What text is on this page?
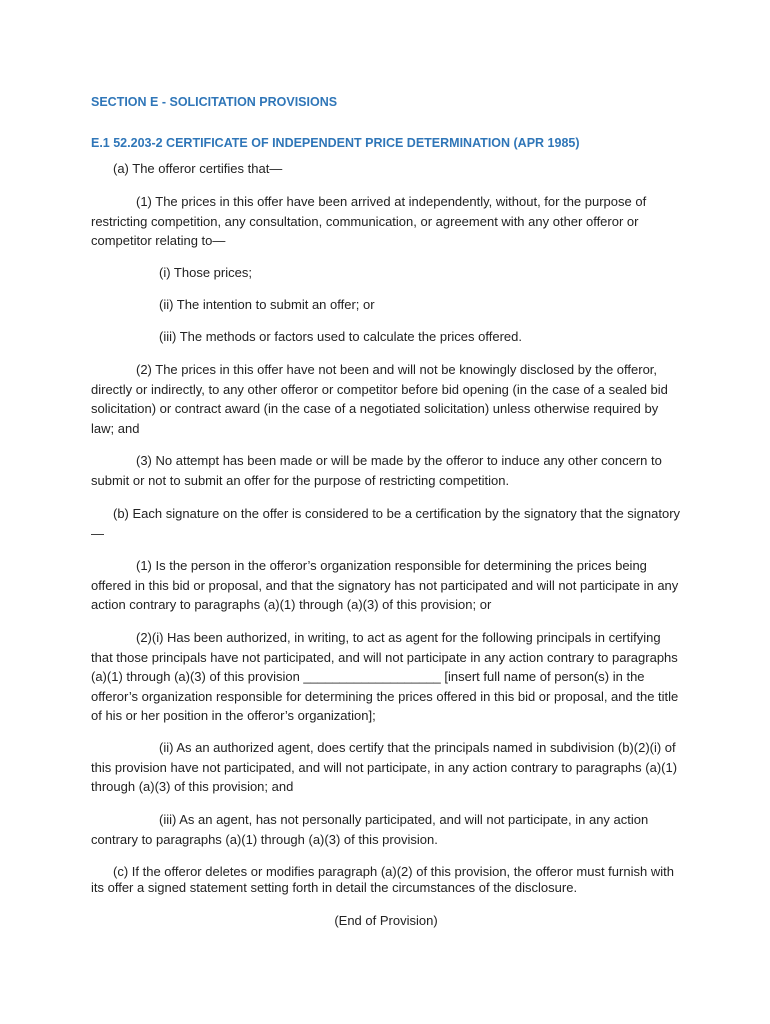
SECTION E - SOLICITATION PROVISIONS

E.1 52.203-2 CERTIFICATE OF INDEPENDENT PRICE DETERMINATION (APR 1985)

(a) The offeror certifies that—

(1) The prices in this offer have been arrived at independently, without, for the purpose of restricting competition, any consultation, communication, or agreement with any other offeror or competitor relating to—

(i) Those prices;

(ii) The intention to submit an offer; or

(iii) The methods or factors used to calculate the prices offered.

(2) The prices in this offer have not been and will not be knowingly disclosed by the offeror, directly or indirectly, to any other offeror or competitor before bid opening (in the case of a sealed bid solicitation) or contract award (in the case of a negotiated solicitation) unless otherwise required by law; and

(3) No attempt has been made or will be made by the offeror to induce any other concern to submit or not to submit an offer for the purpose of restricting competition.

(b) Each signature on the offer is considered to be a certification by the signatory that the signatory—

(1) Is the person in the offeror’s organization responsible for determining the prices being offered in this bid or proposal, and that the signatory has not participated and will not participate in any action contrary to paragraphs (a)(1) through (a)(3) of this provision; or

(2)(i) Has been authorized, in writing, to act as agent for the following principals in certifying that those principals have not participated, and will not participate in any action contrary to paragraphs (a)(1) through (a)(3) of this provision ___________________ [insert full name of person(s) in the offeror’s organization responsible for determining the prices offered in this bid or proposal, and the title of his or her position in the offeror’s organization];

(ii) As an authorized agent, does certify that the principals named in subdivision (b)(2)(i) of this provision have not participated, and will not participate, in any action contrary to paragraphs (a)(1) through (a)(3) of this provision; and

(iii) As an agent, has not personally participated, and will not participate, in any action contrary to paragraphs (a)(1) through (a)(3) of this provision.

(c) If the offeror deletes or modifies paragraph (a)(2) of this provision, the offeror must furnish with its offer a signed statement setting forth in detail the circumstances of the disclosure.

(End of Provision)
